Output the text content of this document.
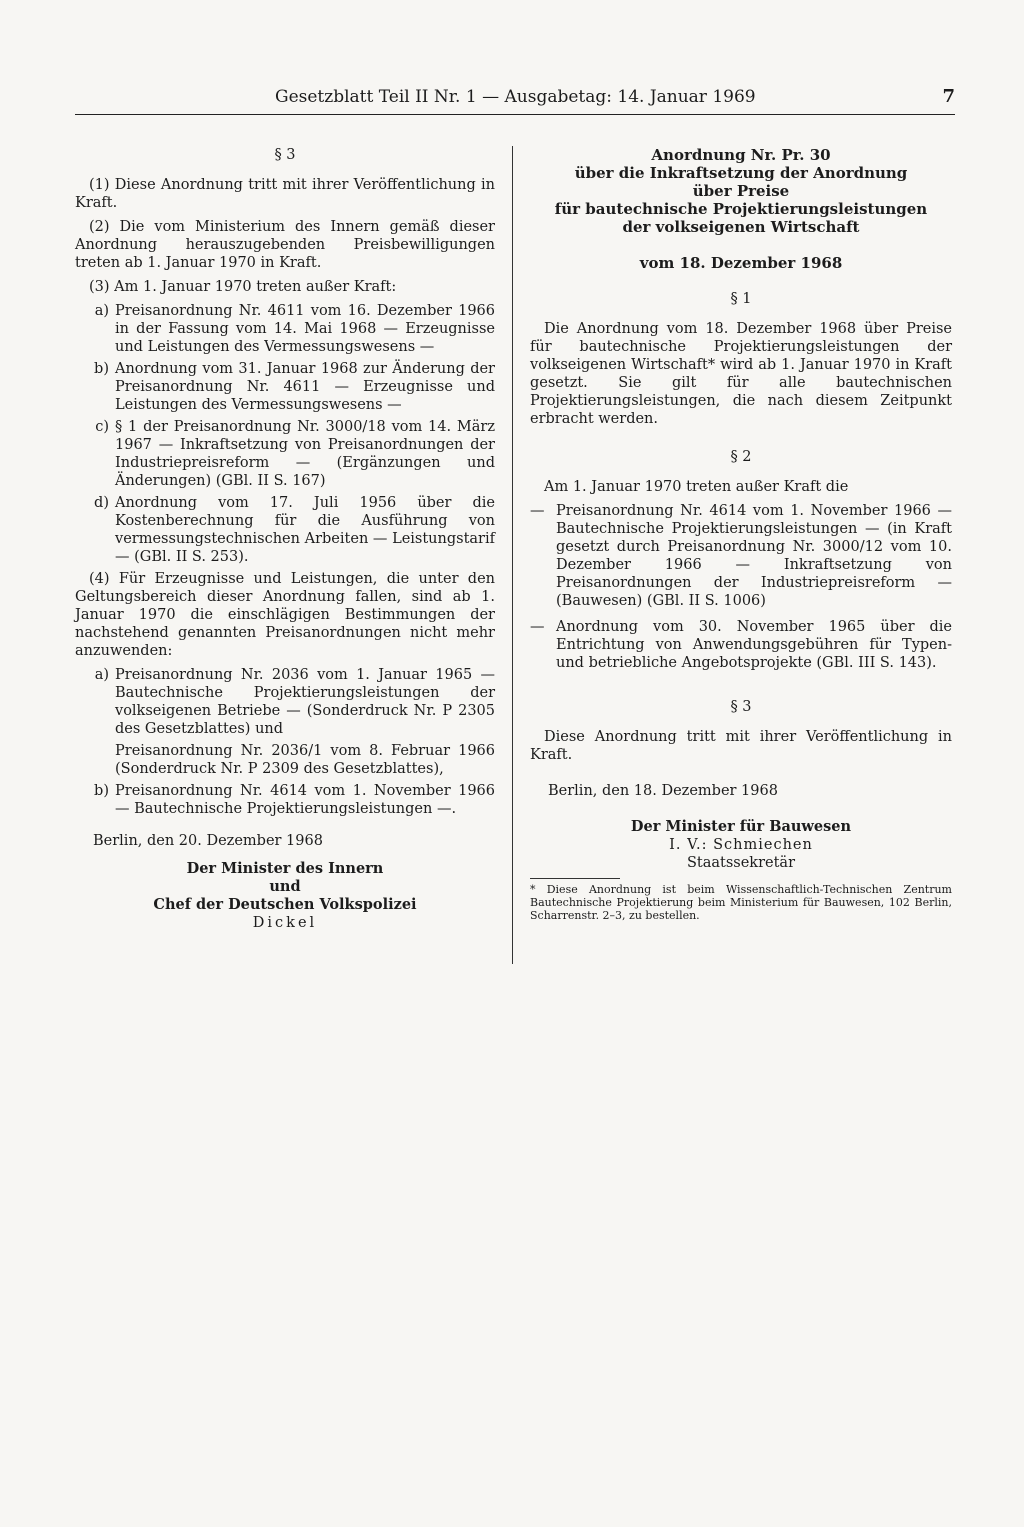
Gesetzblatt Teil II Nr. 1 — Ausgabetag: 14. Januar 1969	7
§ 3

(1) Diese Anordnung tritt mit ihrer Veröffentlichung in Kraft.

(2) Die vom Ministerium des Innern gemäß dieser Anordnung herauszugebenden Preisbewilligungen treten ab 1. Januar 1970 in Kraft.

(3) Am 1. Januar 1970 treten außer Kraft:

a) Preisanordnung Nr. 4611 vom 16. Dezember 1966 in der Fassung vom 14. Mai 1968 — Erzeugnisse und Leistungen des Vermessungswesens —
b) Anordnung vom 31. Januar 1968 zur Änderung der Preisanordnung Nr. 4611 — Erzeugnisse und Leistungen des Vermessungswesens —
c) § 1 der Preisanordnung Nr. 3000/18 vom 14. März 1967 — Inkraftsetzung von Preisanordnungen der Industriepreisreform — (Ergänzungen und Änderungen) (GBl. II S. 167)
d) Anordnung vom 17. Juli 1956 über die Kostenberechnung für die Ausführung von vermessungstechnischen Arbeiten — Leistungstarif — (GBl. II S. 253).

(4) Für Erzeugnisse und Leistungen, die unter den Geltungsbereich dieser Anordnung fallen, sind ab 1. Januar 1970 die einschlägigen Bestimmungen der nachstehend genannten Preisanordnungen nicht mehr anzuwenden:

a) Preisanordnung Nr. 2036 vom 1. Januar 1965 — Bautechnische Projektierungsleistungen der volkseigenen Betriebe — (Sonderdruck Nr. P 2305 des Gesetzblattes) und
Preisanordnung Nr. 2036/1 vom 8. Februar 1966 (Sonderdruck Nr. P 2309 des Gesetzblattes),
b) Preisanordnung Nr. 4614 vom 1. November 1966 — Bautechnische Projektierungsleistungen —.

Berlin, den 20. Dezember 1968

Der Minister des Innern
und
Chef der Deutschen Volkspolizei
Dickel
Anordnung Nr. Pr. 30
über die Inkraftsetzung der Anordnung
über Preise
für bautechnische Projektierungsleistungen
der volkseigenen Wirtschaft
vom 18. Dezember 1968
§ 1

Die Anordnung vom 18. Dezember 1968 über Preise für bautechnische Projektierungsleistungen der volkseigenen Wirtschaft* wird ab 1. Januar 1970 in Kraft gesetzt. Sie gilt für alle bautechnischen Projektierungsleistungen, die nach diesem Zeitpunkt erbracht werden.

§ 2

Am 1. Januar 1970 treten außer Kraft die

— Preisanordnung Nr. 4614 vom 1. November 1966 — Bautechnische Projektierungsleistungen — (in Kraft gesetzt durch Preisanordnung Nr. 3000/12 vom 10. Dezember 1966 — Inkraftsetzung von Preisanordnungen der Industriepreisreform — (Bauwesen) (GBl. II S. 1006)
— Anordnung vom 30. November 1965 über die Entrichtung von Anwendungsgebühren für Typen- und betriebliche Angebotsprojekte (GBl. III S. 143).
§ 3

Diese Anordnung tritt mit ihrer Veröffentlichung in Kraft.

Berlin, den 18. Dezember 1968

Der Minister für Bauwesen
I. V.: Schmiechen
Staatssekretär
* Diese Anordnung ist beim Wissenschaftlich-Technischen Zentrum Bautechnische Projektierung beim Ministerium für Bauwesen, 102 Berlin, Scharrenstr. 2–3, zu bestellen.
